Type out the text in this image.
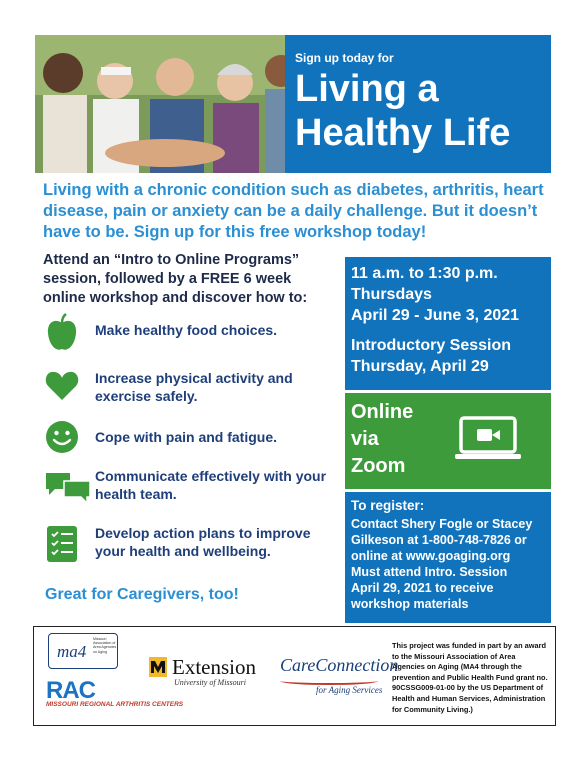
Sign up today for
Living a Healthy Life
Living with a chronic condition such as diabetes, arthritis, heart disease, pain or anxiety can be a daily challenge. But it doesn’t have to be. Sign up for this free workshop today!
Attend an “Intro to Online Programs” session, followed by a FREE 6 week online workshop and discover how to:
Make healthy food choices.
Increase physical activity and exercise safely.
Cope with pain and fatigue.
Communicate effectively with your health team.
Develop action plans to improve your health and wellbeing.
Great for Caregivers, too!
11 a.m. to 1:30 p.m.
Thursdays
April 29 - June 3, 2021
Introductory Session
Thursday, April 29
Online
via
Zoom
To register:
Contact Shery Fogle or Stacey
Gilkeson at 1-800-748-7826 or
online at www.goaging.org
Must attend Intro. Session
April 29, 2021 to receive
workshop materials
ma4
Missouri Association of Area Agencies on Aging
RAC
MISSOURI REGIONAL ARTHRITIS CENTERS
Extension
University of Missouri
CareConnection
for Aging Services
This project was funded in part by an award to the Missouri Association of Area Agencies on Aging (MA4 through the prevention and Public Health Fund grant no. 90CSSG009-01-00 by the US Department of Health and Human Services, Administration for Community Living.)
